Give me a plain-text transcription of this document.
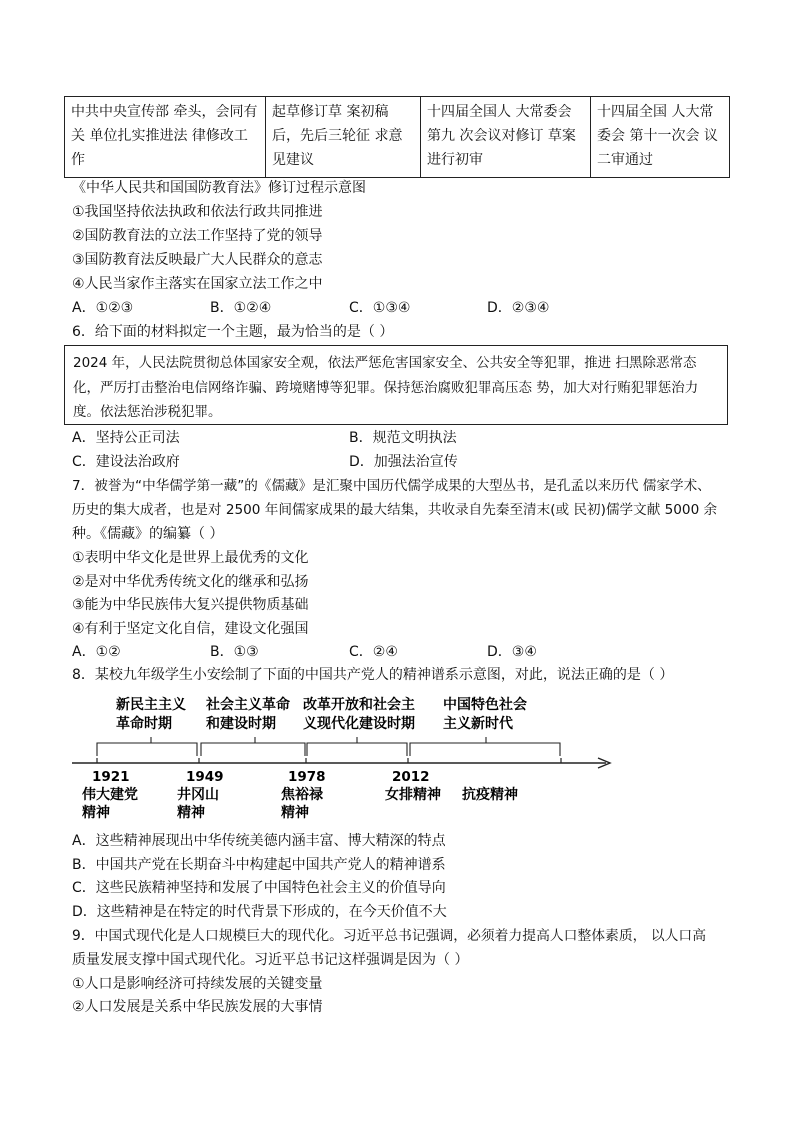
中共中央宣传部 牵头，会同有关 单位扎实推进法 律修改工作	起草修订草 案初稿后，先后三轮征 求意见建议	十四届全国人 大常委会第九 次会议对修订 草案进行初审	十四届全国 人大常委会 第十一次会 议二审通过
《中华人民共和国国防教育法》修订过程示意图
①我国坚持依法执政和依法行政共同推进
②国防教育法的立法工作坚持了党的领导
③国防教育法反映最广大人民群众的意志
④人民当家作主落实在国家立法工作之中
A．①②③	B．①②④	C．①③④	D．②③④
6．给下面的材料拟定一个主题，最为恰当的是（ ）
2024 年，人民法院贯彻总体国家安全观，依法严惩危害国家安全、公共安全等犯罪，推进 扫黑除恶常态
化，严厉打击整治电信网络诈骗、跨境赌博等犯罪。保持惩治腐败犯罪高压态 势，加大对行贿犯罪惩治力
度。依法惩治涉税犯罪。
A．坚持公正司法	B．规范文明执法
C．建设法治政府	D．加强法治宣传
7．被誉为“中华儒学第一藏”的《儒藏》是汇聚中国历代儒学成果的大型丛书，是孔孟以来历代 儒家学术、
历史的集大成者，也是对 2500 年间儒家成果的最大结集，共收录自先秦至清末(或 民初)儒学文献 5000 余
种。《儒藏》的编纂（ ）
①表明中华文化是世界上最优秀的文化
②是对中华优秀传统文化的继承和弘扬
③能为中华民族伟大复兴提供物质基础
④有利于坚定文化自信，建设文化强国
A．①②	B．①③	C．②④	D．③④
8．某校九年级学生小安绘制了下面的中国共产党人的精神谱系示意图，对此，说法正确的是（ ）
新民主主义
革命时期
社会主义革命
和建设时期
改革开放和社会主
义现代化建设时期
中国特色社会
主义新时代
1921	1949	1978	2012
伟大建党
精神
井冈山
精神
焦裕禄
精神
女排精神 抗疫精神
A．这些精神展现出中华传统美德内涵丰富、博大精深的特点
B．中国共产党在长期奋斗中构建起中国共产党人的精神谱系
C．这些民族精神坚持和发展了中国特色社会主义的价值导向
D．这些精神是在特定的时代背景下形成的，在今天价值不大
9．中国式现代化是人口规模巨大的现代化。习近平总书记强调，必须着力提高人口整体素质， 以人口高
质量发展支撑中国式现代化。习近平总书记这样强调是因为（ ）
①人口是影响经济可持续发展的关键变量
②人口发展是关系中华民族发展的大事情
